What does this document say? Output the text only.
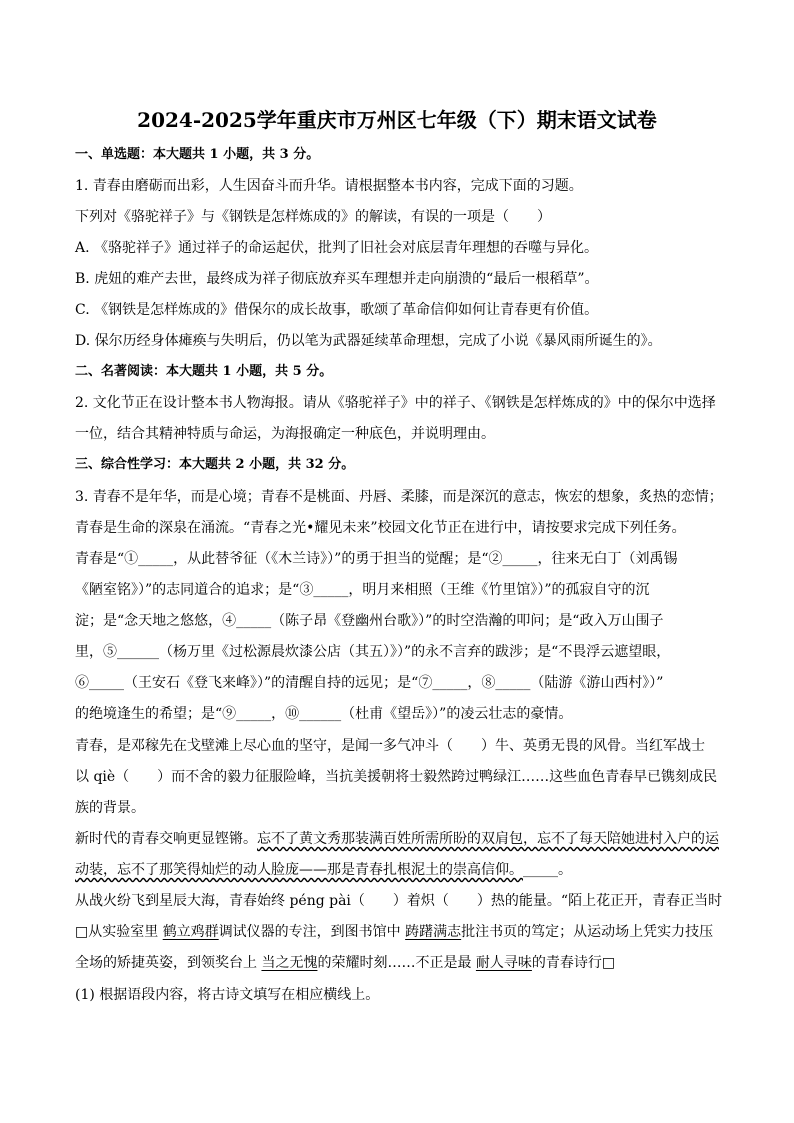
2024-2025学年重庆市万州区七年级（下）期末语文试卷
一、单选题：本大题共 1 小题，共 3 分。
1. 青春由磨砺而出彩，人生因奋斗而升华。请根据整本书内容，完成下面的习题。
下列对《骆驼祥子》与《钢铁是怎样炼成的》的解读，有误的一项是（　　）
A. 《骆驼祥子》通过祥子的命运起伏，批判了旧社会对底层青年理想的吞噬与异化。
B. 虎妞的难产去世，最终成为祥子彻底放弃买车理想并走向崩溃的“最后一根稻草”。
C. 《钢铁是怎样炼成的》借保尔的成长故事，歌颂了革命信仰如何让青春更有价值。
D. 保尔历经身体瘫痪与失明后，仍以笔为武器延续革命理想，完成了小说《暴风雨所诞生的》。
二、名著阅读：本大题共 1 小题，共 5 分。
2. 文化节正在设计整本书人物海报。请从《骆驼祥子》中的祥子、《钢铁是怎样炼成的》中的保尔中选择
一位，结合其精神特质与命运，为海报确定一种底色，并说明理由。
三、综合性学习：本大题共 2 小题，共 32 分。
3. 青春不是年华，而是心境；青春不是桃面、丹唇、柔膝，而是深沉的意志，恢宏的想象，炙热的恋情；
青春是生命的深泉在涌流。“青春之光•耀见未来”校园文化节正在进行中，请按要求完成下列任务。
青春是“①_____，从此替爷征（《木兰诗》）”的勇于担当的觉醒；是“②_____，往来无白丁（刘禹锡
《陋室铭》）”的志同道合的追求；是“③_____，明月来相照（王维《竹里馆》）”的孤寂自守的沉
淀；是“念天地之悠悠，④_____（陈子昂《登幽州台歌》）”的时空浩瀚的叩问；是“政入万山围子
里，⑤______（杨万里《过松源晨炊漆公店（其五）》）”的永不言弃的跋涉；是“不畏浮云遮望眼，
⑥_____（王安石《登飞来峰》）”的清醒自持的远见；是“⑦_____，⑧_____（陆游《游山西村》）”
的绝境逢生的希望；是“⑨_____，⑩______（杜甫《望岳》）”的凌云壮志的豪情。
青春，是邓稼先在戈壁滩上尽心血的坚守，是闻一多气冲斗（　　）牛、英勇无畏的风骨。当红军战士
以 qiè（　　）而不舍的毅力征服险峰，当抗美援朝将士毅然跨过鸭绿江……这些血色青春早已镌刻成民
族的背景。
新时代的青春交响更显铿锵。忘不了黄文秀那装满百姓所需所盼的双肩包，忘不了每天陪她进村入户的运
动装，忘不了那笑得灿烂的动人脸庞——那是青春扎根泥土的崇高信仰。_____。
从战火纷飞到星辰大海，青春始终 péng pài（　　）着炽（　　）热的能量。“陌上花正开，青春正当时
□从实验室里 鹤立鸡群调试仪器的专注，到图书馆中 踌躇满志批注书页的笃定；从运动场上凭实力技压
全场的矫捷英姿，到领奖台上 当之无愧的荣耀时刻……不正是最 耐人寻味的青春诗行□
(1) 根据语段内容，将古诗文填写在相应横线上。
